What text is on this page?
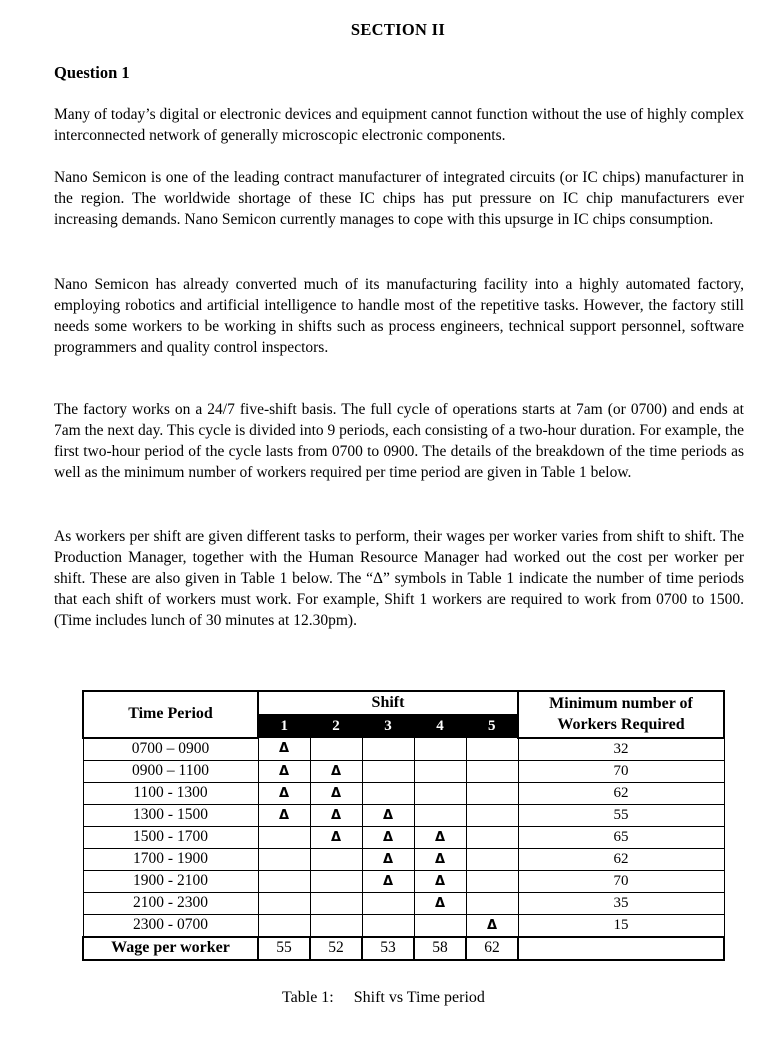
SECTION II
Question 1

Many of today’s digital or electronic devices and equipment cannot function without the use of highly complex interconnected network of generally microscopic electronic components.

Nano Semicon is one of the leading contract manufacturer of integrated circuits (or IC chips) manufacturer in the region. The worldwide shortage of these IC chips has put pressure on IC chip manufacturers ever increasing demands. Nano Semicon currently manages to cope with this upsurge in IC chips consumption.

Nano Semicon has already converted much of its manufacturing facility into a highly automated factory, employing robotics and artificial intelligence to handle most of the repetitive tasks. However, the factory still needs some workers to be working in shifts such as process engineers, technical support personnel, software programmers and quality control inspectors.

The factory works on a 24/7 five-shift basis. The full cycle of operations starts at 7am (or 0700) and ends at 7am the next day. This cycle is divided into 9 periods, each consisting of a two-hour duration. For example, the first two-hour period of the cycle lasts from 0700 to 0900. The details of the breakdown of the time periods as well as the minimum number of workers required per time period are given in Table 1 below.

As workers per shift are given different tasks to perform, their wages per worker varies from shift to shift. The Production Manager, together with the Human Resource Manager had worked out the cost per worker per shift. These are also given in Table 1 below. The “Δ” symbols in Table 1 indicate the number of time periods that each shift of workers must work. For example, Shift 1 workers are required to work from 0700 to 1500. (Time includes lunch of 30 minutes at 12.30pm).

Time Period	Shift					Minimum number of
Workers Required
	1	2	3	4	5	
0700 – 0900	Δ					32
0900 – 1100	Δ	Δ				70
1100 - 1300	Δ	Δ				62
1300 - 1500	Δ	Δ	Δ			55
1500 - 1700		Δ	Δ	Δ		65
1700 - 1900			Δ	Δ		62
1900 - 2100			Δ	Δ		70
2100 - 2300				Δ		35
2300 - 0700					Δ	15
Wage per worker	55	52	53	58	62	
Table 1: Shift vs Time period
